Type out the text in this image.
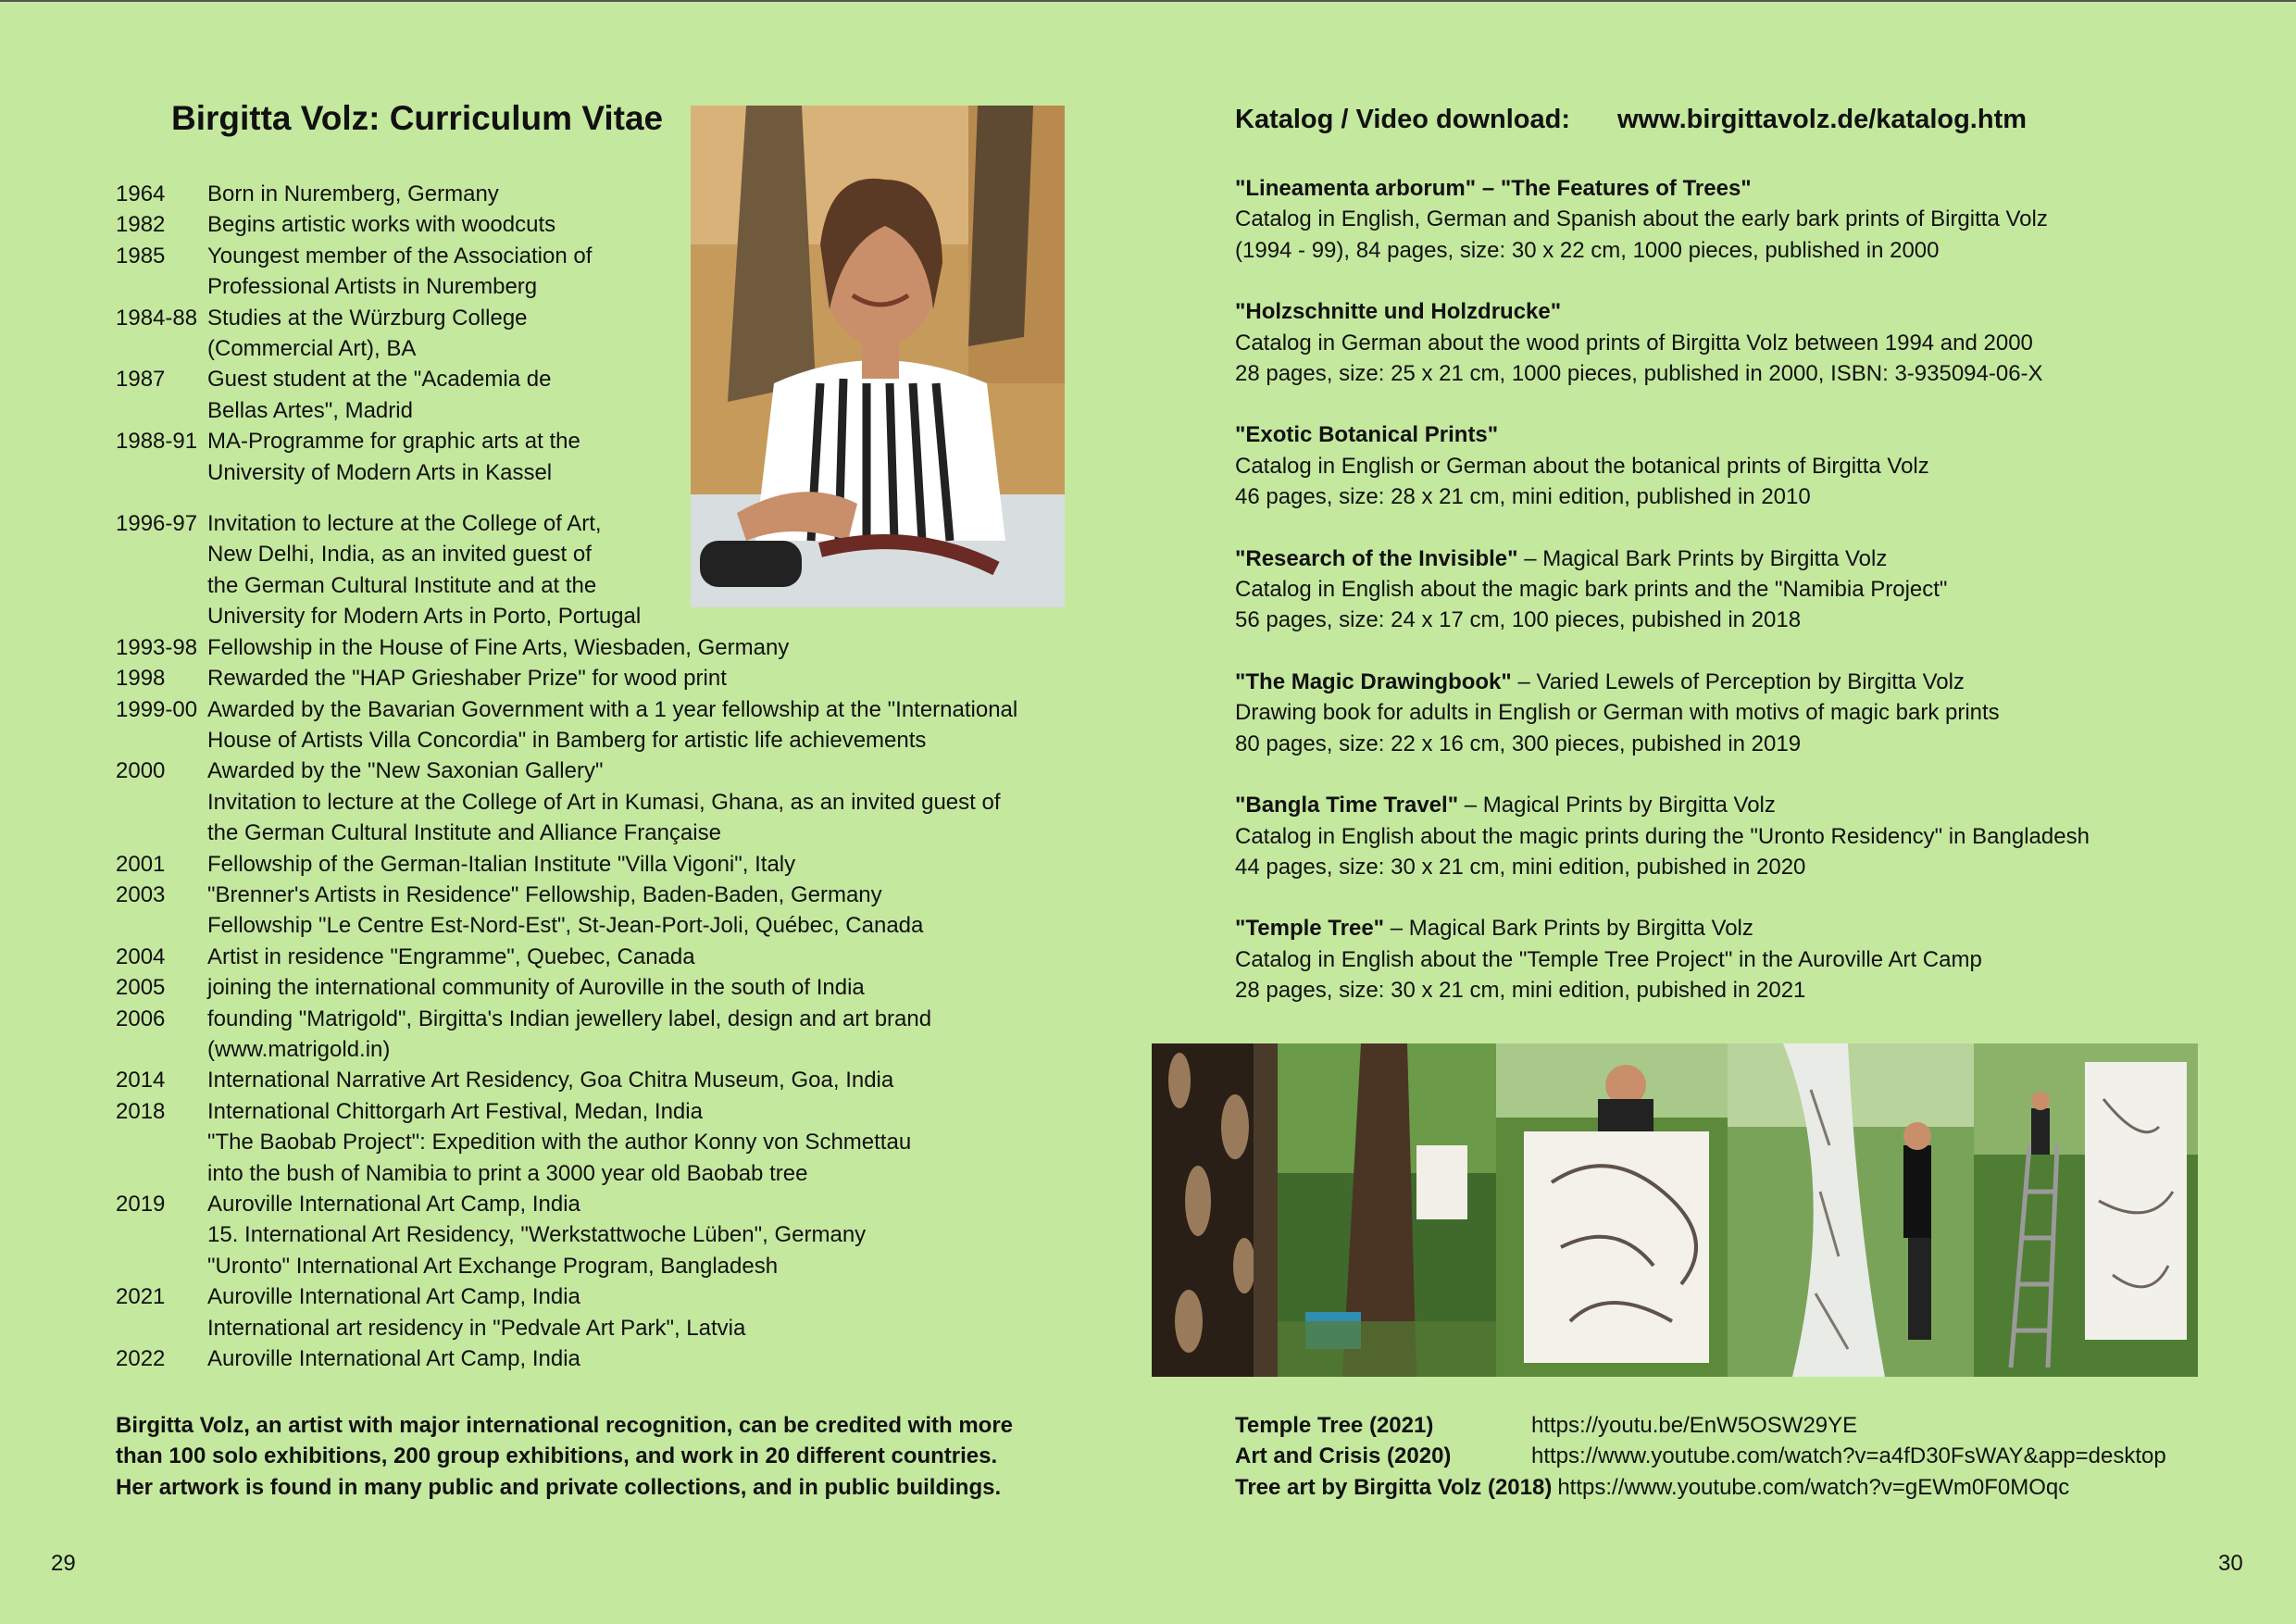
Birgitta Volz: Curriculum Vitae
1964	Born in Nuremberg, Germany
1982	Begins artistic works with woodcuts
1985	Youngest member of the Association of
Professional Artists in Nuremberg
1984-88 Studies at the Würzburg College
(Commercial Art), BA
1987	Guest student at the "Academia de
Bellas Artes", Madrid
1988-91 MA-Programme for graphic arts at the
University of Modern Arts in Kassel
1996-97 Invitation to lecture at the College of Art,
New Delhi, India, as an invited guest of
the German Cultural Institute and at the
University for Modern Arts in Porto, Portugal
1993-98 Fellowship in the House of Fine Arts, Wiesbaden, Germany
1998	Rewarded the "HAP Grieshaber Prize" for wood print
1999-00 Awarded by the Bavarian Government with a 1 year fellowship at the "International
House of Artists Villa Concordia" in Bamberg for artistic life achievements
2000	Awarded by the "New Saxonian Gallery"
Invitation to lecture at the College of Art in Kumasi, Ghana, as an invited guest of
the German Cultural Institute and Alliance Française
2001	Fellowship of the German-Italian Institute "Villa Vigoni", Italy
2003	"Brenner's Artists in Residence" Fellowship, Baden-Baden, Germany
Fellowship "Le Centre Est-Nord-Est", St-Jean-Port-Joli, Québec, Canada
2004	Artist in residence "Engramme", Quebec, Canada
2005	joining the international community of Auroville in the south of India
2006	founding "Matrigold", Birgitta's Indian jewellery label, design and art brand
(www.matrigold.in)
2014	International Narrative Art Residency, Goa Chitra Museum, Goa, India
2018	International Chittorgarh Art Festival, Medan, India
"The Baobab Project": Expedition with the author Konny von Schmettau
into the bush of Namibia to print a 3000 year old Baobab tree
2019	Auroville International Art Camp, India
15. International Art Residency, "Werkstattwoche Lüben", Germany
"Uronto" International Art Exchange Program, Bangladesh
2021	Auroville International Art Camp, India
International art residency in "Pedvale Art Park", Latvia
2022	Auroville International Art Camp, India
Birgitta Volz, an artist with major international recognition, can be credited with more
than 100 solo exhibitions, 200 group exhibitions, and work in 20 different countries.
Her artwork is found in many public and private collections, and in public buildings.
29
Katalog / Video download: www.birgittavolz.de/katalog.htm
"Lineamenta arborum" – "The Features of Trees"
Catalog in English, German and Spanish about the early bark prints of Birgitta Volz
(1994 - 99), 84 pages, size: 30 x 22 cm, 1000 pieces, published in 2000
"Holzschnitte und Holzdrucke"
Catalog in German about the wood prints of Birgitta Volz between 1994 and 2000
28 pages, size: 25 x 21 cm, 1000 pieces, published in 2000, ISBN: 3-935094-06-X
"Exotic Botanical Prints"
Catalog in English or German about the botanical prints of Birgitta Volz
46 pages, size: 28 x 21 cm, mini edition, published in 2010
"Research of the Invisible" – Magical Bark Prints by Birgitta Volz
Catalog in English about the magic bark prints and the "Namibia Project"
56 pages, size: 24 x 17 cm, 100 pieces, pubished in 2018
"The Magic Drawingbook" – Varied Lewels of Perception by Birgitta Volz
Drawing book for adults in English or German with motivs of magic bark prints
80 pages, size: 22 x 16 cm, 300 pieces, pubished in 2019
"Bangla Time Travel" – Magical Prints by Birgitta Volz
Catalog in English about the magic prints during the "Uronto Residency" in Bangladesh
44 pages, size: 30 x 21 cm, mini edition, pubished in 2020
"Temple Tree" – Magical Bark Prints by Birgitta Volz
Catalog in English about the "Temple Tree Project" in the Auroville Art Camp
28 pages, size: 30 x 21 cm, mini edition, pubished in 2021
Temple Tree (2021)	https://youtu.be/EnW5OSW29YE
Art and Crisis (2020)	https://www.youtube.com/watch?v=a4fD30FsWAY&app=desktop
Tree art by Birgitta Volz (2018) https://www.youtube.com/watch?v=gEWm0F0MOqc
30
